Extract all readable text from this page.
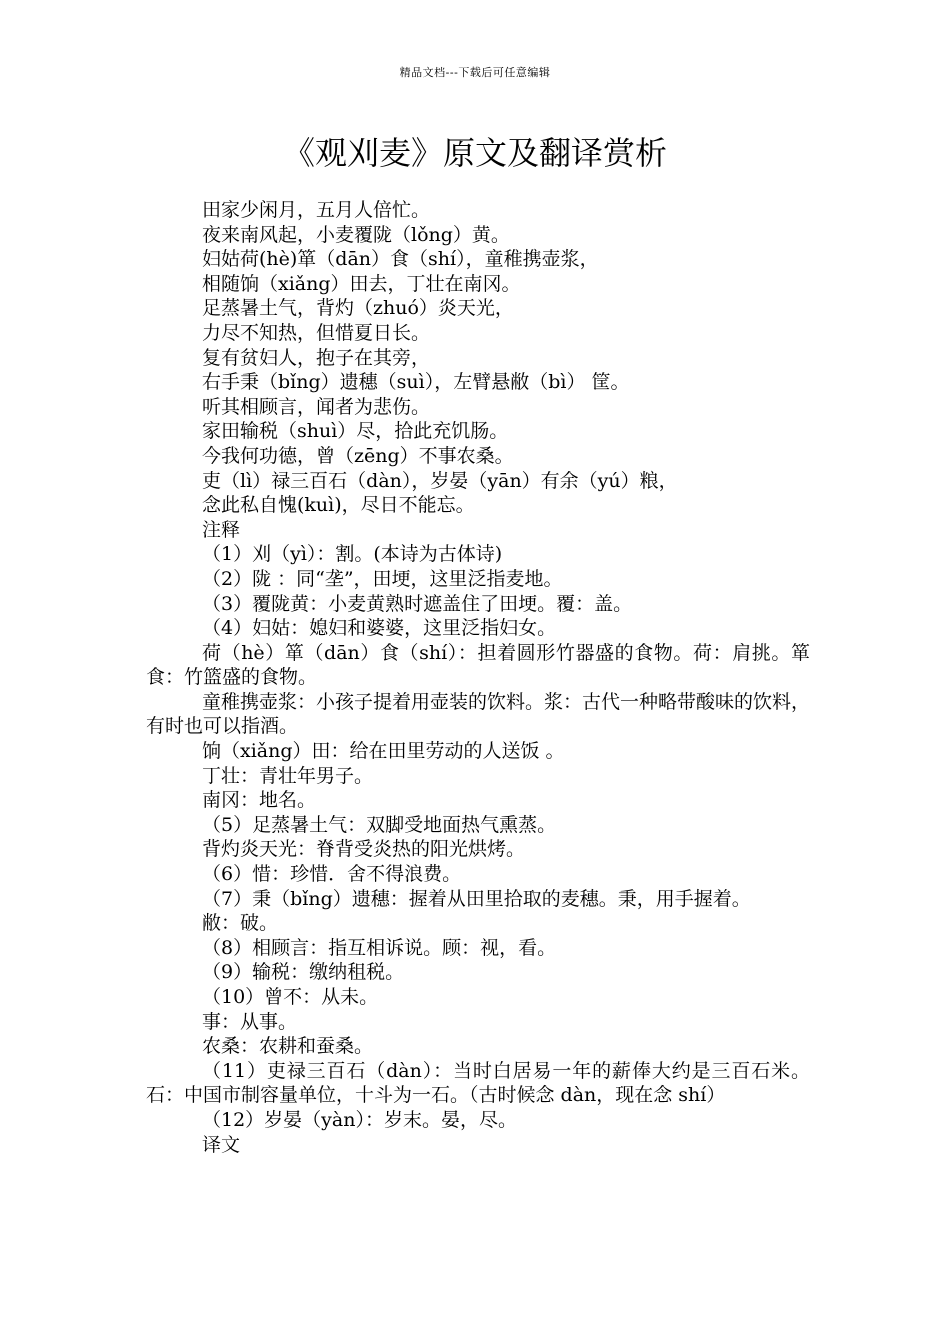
精品文档---下载后可任意编辑
《观刈麦》原文及翻译赏析

田家少闲月，五月人倍忙。

夜来南风起，小麦覆陇（lǒng）黄。

妇姑荷(hè)箪（dān）食（shí），童稚携壶浆，

相随饷（xiǎng）田去，丁壮在南冈。

足蒸暑土气，背灼（zhuó）炎天光，

力尽不知热，但惜夏日长。

复有贫妇人，抱子在其旁，

右手秉（bǐng）遗穗（suì），左臂悬敝（bì） 筐。

听其相顾言，闻者为悲伤。

家田输税（shuì）尽，拾此充饥肠。

今我何功德，曾（zēng）不事农桑。

吏（lì）禄三百石（dàn），岁晏（yān）有余（yú）粮，

念此私自愧(kuì)，尽日不能忘。

注释

（1）刈（yì）：割。(本诗为古体诗)

（2）陇 ：同“垄”，田埂，这里泛指麦地。

（3）覆陇黄：小麦黄熟时遮盖住了田埂。覆：盖。

（4）妇姑：媳妇和婆婆，这里泛指妇女。

荷（hè）箪（dān）食（shí）：担着圆形竹器盛的食物。荷：肩挑。箪食：竹篮盛的食物。

童稚携壶浆：小孩子提着用壶装的饮料。浆：古代一种略带酸味的饮料，有时也可以指酒。

饷（xiǎng）田：给在田里劳动的人送饭 。

丁壮：青壮年男子。

南冈：地名。

（5）足蒸暑土气：双脚受地面热气熏蒸。

背灼炎天光：脊背受炎热的阳光烘烤。

（6）惜：珍惜．舍不得浪费。

（7）秉（bǐng）遗穗：握着从田里拾取的麦穗。秉，用手握着。

敝：破。

（8）相顾言：指互相诉说。顾：视，看。

（9）输税：缴纳租税。

（10）曾不：从未。

事：从事。

农桑：农耕和蚕桑。

（11）吏禄三百石（dàn）：当时白居易一年的薪俸大约是三百石米。石：中国市制容量单位，十斗为一石。（古时候念 dàn，现在念 shí）

（12）岁晏（yàn）：岁末。晏，尽。

译文
